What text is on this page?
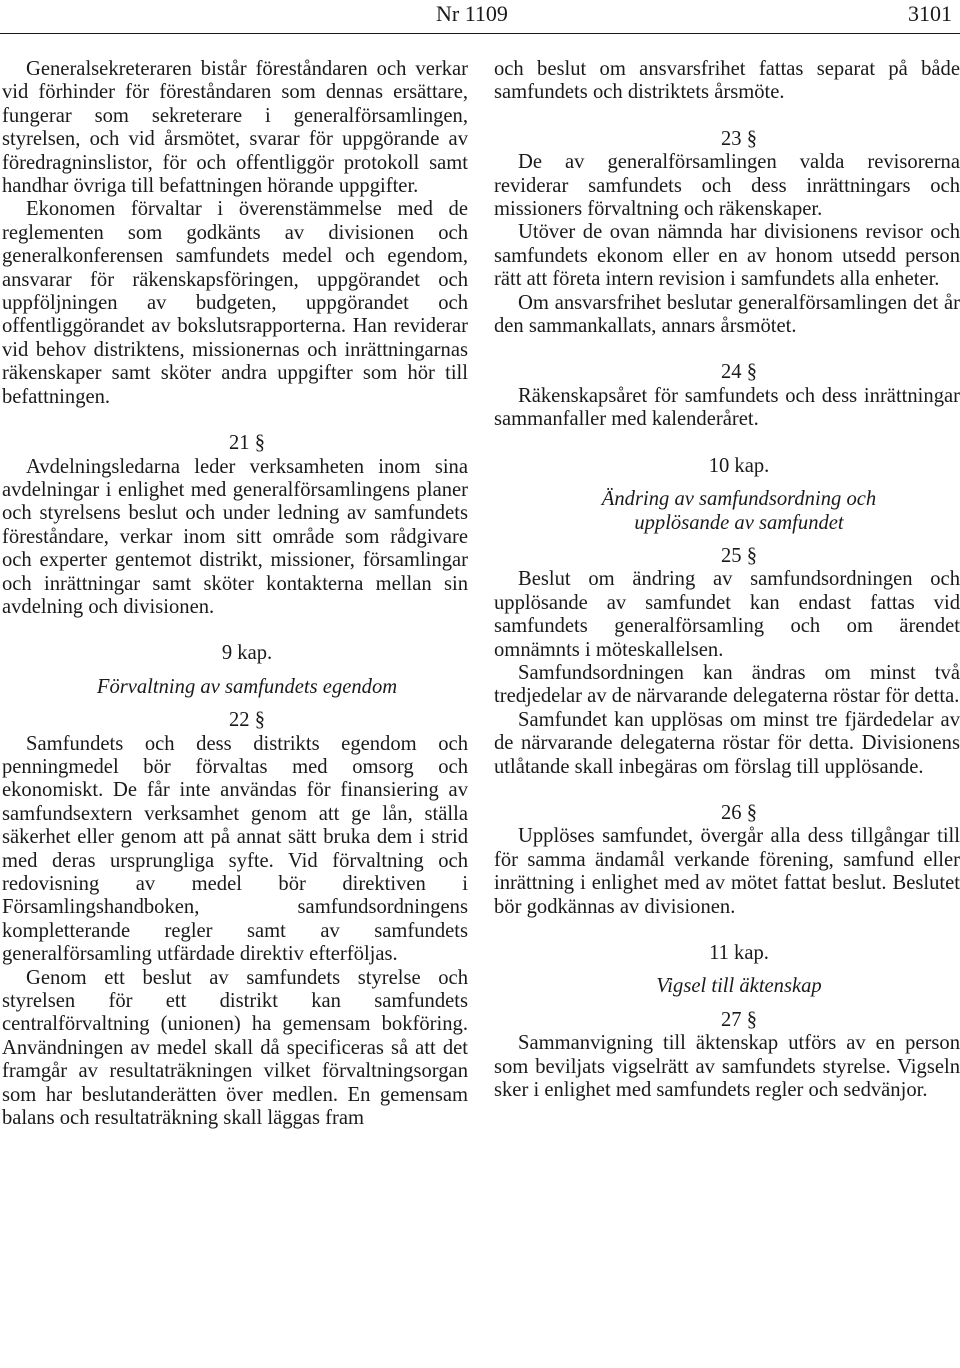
Nr 1109	3101

Generalsekreteraren bistår föreståndaren och verkar vid förhinder för föreståndaren som dennas ersättare, fungerar som sekreterare i generalförsamlingen, styrelsen, och vid årsmötet, svarar för uppgörande av föredragninslistor, för och offentliggör protokoll samt handhar övriga till befattningen hörande uppgifter.

Ekonomen förvaltar i överenstämmelse med de reglementen som godkänts av divisionen och generalkonferensen samfundets medel och egendom, ansvarar för räkenskapsföringen, uppgörandet och uppföljningen av budgeten, uppgörandet och offentliggörandet av bokslutsrapporterna. Han reviderar vid behov distriktens, missionernas och inrättningarnas räkenskaper samt sköter andra uppgifter som hör till befattningen.

21 §

Avdelningsledarna leder verksamheten inom sina avdelningar i enlighet med generalförsamlingens planer och styrelsens beslut och under ledning av samfundets föreståndare, verkar inom sitt område som rådgivare och experter gentemot distrikt, missioner, församlingar och inrättningar samt sköter kontakterna mellan sin avdelning och divisionen.

9 kap.

Förvaltning av samfundets egendom

22 §

Samfundets och dess distrikts egendom och penningmedel bör förvaltas med omsorg och ekonomiskt. De får inte användas för finansiering av samfundsextern verksamhet genom att ge lån, ställa säkerhet eller genom att på annat sätt bruka dem i strid med deras ursprungliga syfte. Vid förvaltning och redovisning av medel bör direktiven i Församlingshandboken, samfundsordningens kompletterande regler samt av samfundets generalförsamling utfärdade direktiv efterföljas.

Genom ett beslut av samfundets styrelse och styrelsen för ett distrikt kan samfundets centralförvaltning (unionen) ha gemensam bokföring. Användningen av medel skall då specificeras så att det framgår av resultaträkningen vilket förvaltningsorgan som har beslutanderätten över medlen. En gemensam balans och resultaträkning skall läggas fram

och beslut om ansvarsfrihet fattas separat på både samfundets och distriktets årsmöte.

23 §

De av generalförsamlingen valda revisorerna reviderar samfundets och dess inrättningars och missioners förvaltning och räkenskaper.

Utöver de ovan nämnda har divisionens revisor och samfundets ekonom eller en av honom utsedd person rätt att företa intern revision i samfundets alla enheter.

Om ansvarsfrihet beslutar generalförsamlingen det år den sammankallats, annars årsmötet.

24 §

Räkenskapsåret för samfundets och dess inrättningar sammanfaller med kalenderåret.

10 kap.

Ändring av samfundsordning och

upplösande av samfundet

25 §

Beslut om ändring av samfundsordningen och upplösande av samfundet kan endast fattas vid samfundets generalförsamling och om ärendet omnämnts i möteskallelsen.

Samfundsordningen kan ändras om minst två tredjedelar av de närvarande delegaterna röstar för detta.

Samfundet kan upplösas om minst tre fjärdedelar av de närvarande delegaterna röstar för detta. Divisionens utlåtande skall inbegäras om förslag till upplösande.

26 §

Upplöses samfundet, övergår alla dess tillgångar till för samma ändamål verkande förening, samfund eller inrättning i enlighet med av mötet fattat beslut. Beslutet bör godkännas av divisionen.

11 kap.

Vigsel till äktenskap

27 §

Sammanvigning till äktenskap utförs av en person som beviljats vigselrätt av samfundets styrelse. Vigseln sker i enlighet med samfundets regler och sedvänjor.
